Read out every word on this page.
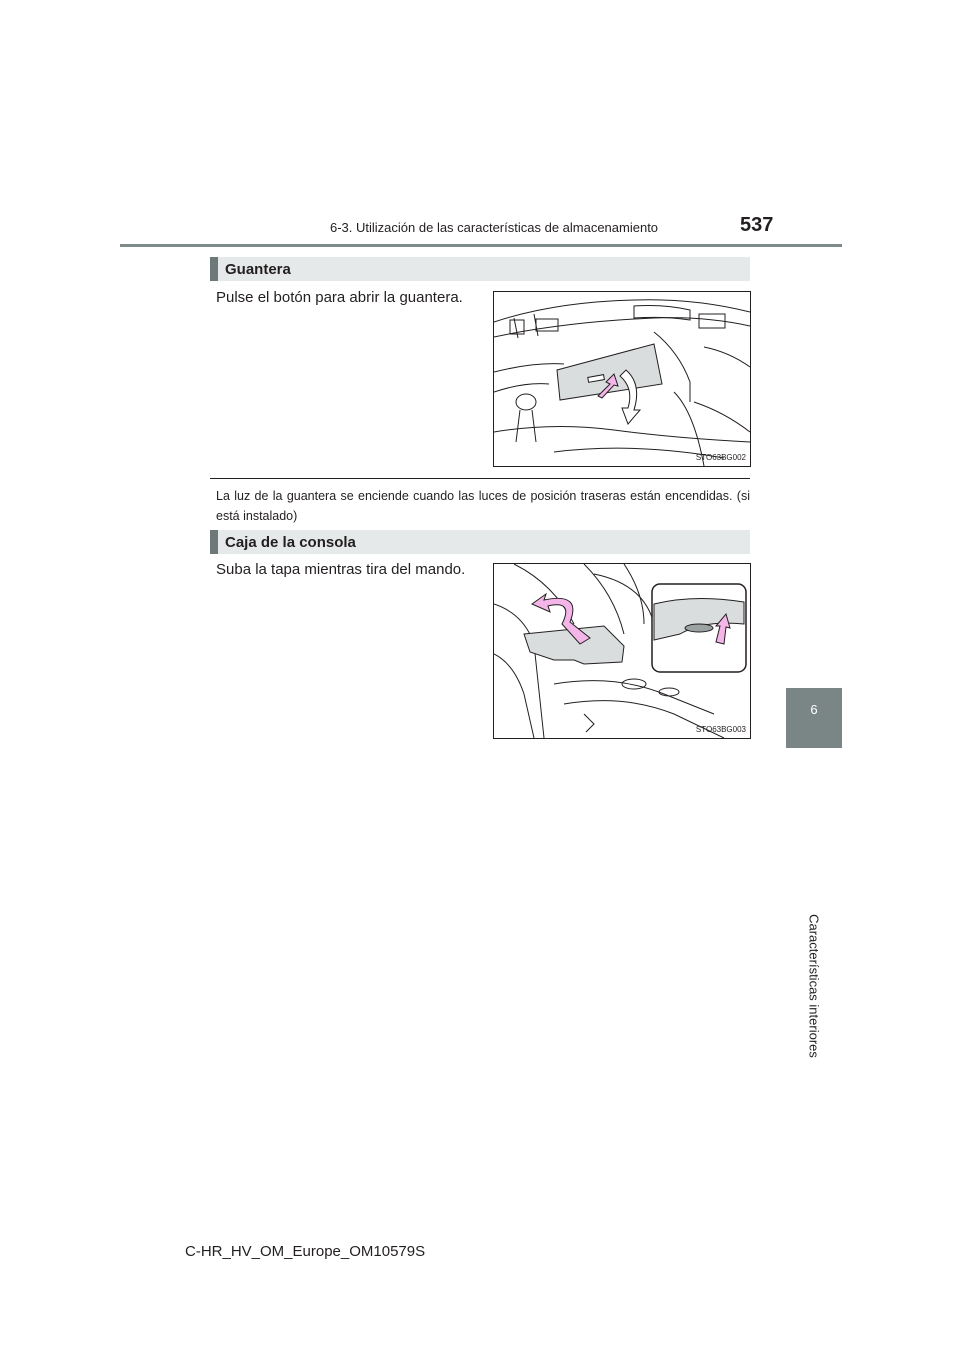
6-3. Utilización de las características de almacenamiento	537
6
Características interiores
Guantera
Pulse el botón para abrir la guantera.
STO63BG002
La luz de la guantera se enciende cuando las luces de posición traseras están encendidas. (si está instalado)
Caja de la consola
Suba la tapa mientras tira del mando.
STO63BG003
C-HR_HV_OM_Europe_OM10579S
